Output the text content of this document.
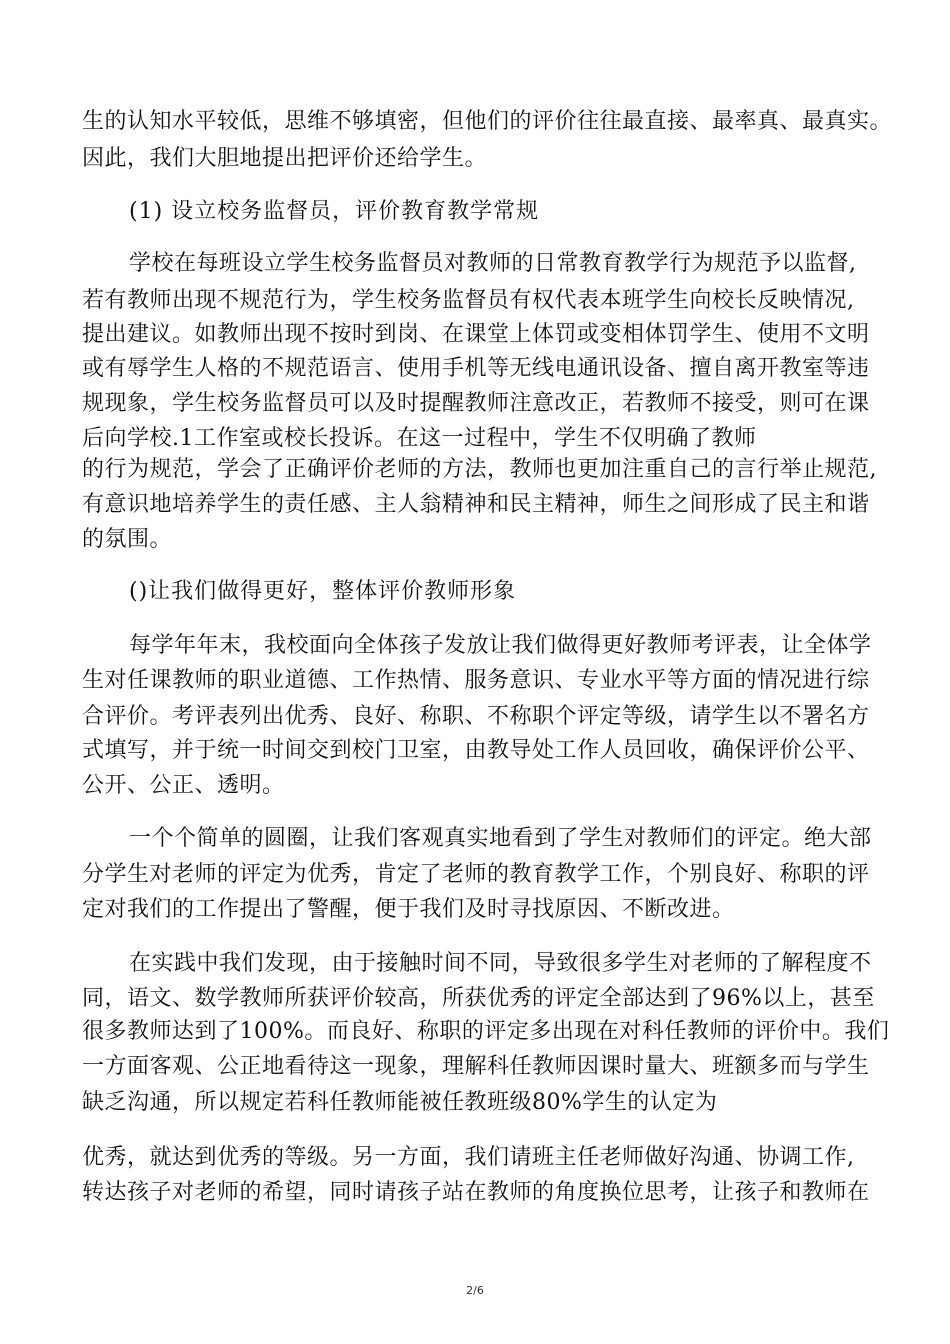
生的认知水平较低，思维不够填密，但他们的评价往往最直接、最率真、最真实。
因此，我们大胆地提出把评价还给学生。
(1) 设立校务监督员，评价教育教学常规
学校在每班设立学生校务监督员对教师的日常教育教学行为规范予以监督,
若有教师出现不规范行为，学生校务监督员有权代表本班学生向校长反映情况,
提出建议。如教师出现不按时到岗、在课堂上体罚或变相体罚学生、使用不文明
或有辱学生人格的不规范语言、使用手机等无线电通讯设备、擅自离开教室等违
规现象，学生校务监督员可以及时提醒教师注意改正，若教师不接受，则可在课
后向学校.1工作室或校长投诉。在这一过程中，学生不仅明确了教师
的行为规范，学会了正确评价老师的方法，教师也更加注重自己的言行举止规范,
有意识地培养学生的责任感、主人翁精神和民主精神，师生之间形成了民主和谐
的氛围。
()让我们做得更好，整体评价教师形象
每学年年末，我校面向全体孩子发放让我们做得更好教师考评表，让全体学
生对任课教师的职业道德、工作热情、服务意识、专业水平等方面的情况进行综
合评价。考评表列出优秀、良好、称职、不称职个评定等级，请学生以不署名方
式填写，并于统一时间交到校门卫室，由教导处工作人员回收，确保评价公平、
公开、公正、透明。
一个个简单的圆圈，让我们客观真实地看到了学生对教师们的评定。绝大部
分学生对老师的评定为优秀，肯定了老师的教育教学工作，个别良好、称职的评
定对我们的工作提出了警醒，便于我们及时寻找原因、不断改进。
在实践中我们发现，由于接触时间不同，导致很多学生对老师的了解程度不
同，语文、数学教师所获评价较高，所获优秀的评定全部达到了96%以上，甚至
很多教师达到了100%。而良好、称职的评定多出现在对科任教师的评价中。我们
一方面客观、公正地看待这一现象，理解科任教师因课时量大、班额多而与学生
缺乏沟通，所以规定若科任教师能被任教班级80%学生的认定为
优秀，就达到优秀的等级。另一方面，我们请班主任老师做好沟通、协调工作,
转达孩子对老师的希望，同时请孩子站在教师的角度换位思考，让孩子和教师在
2/6
